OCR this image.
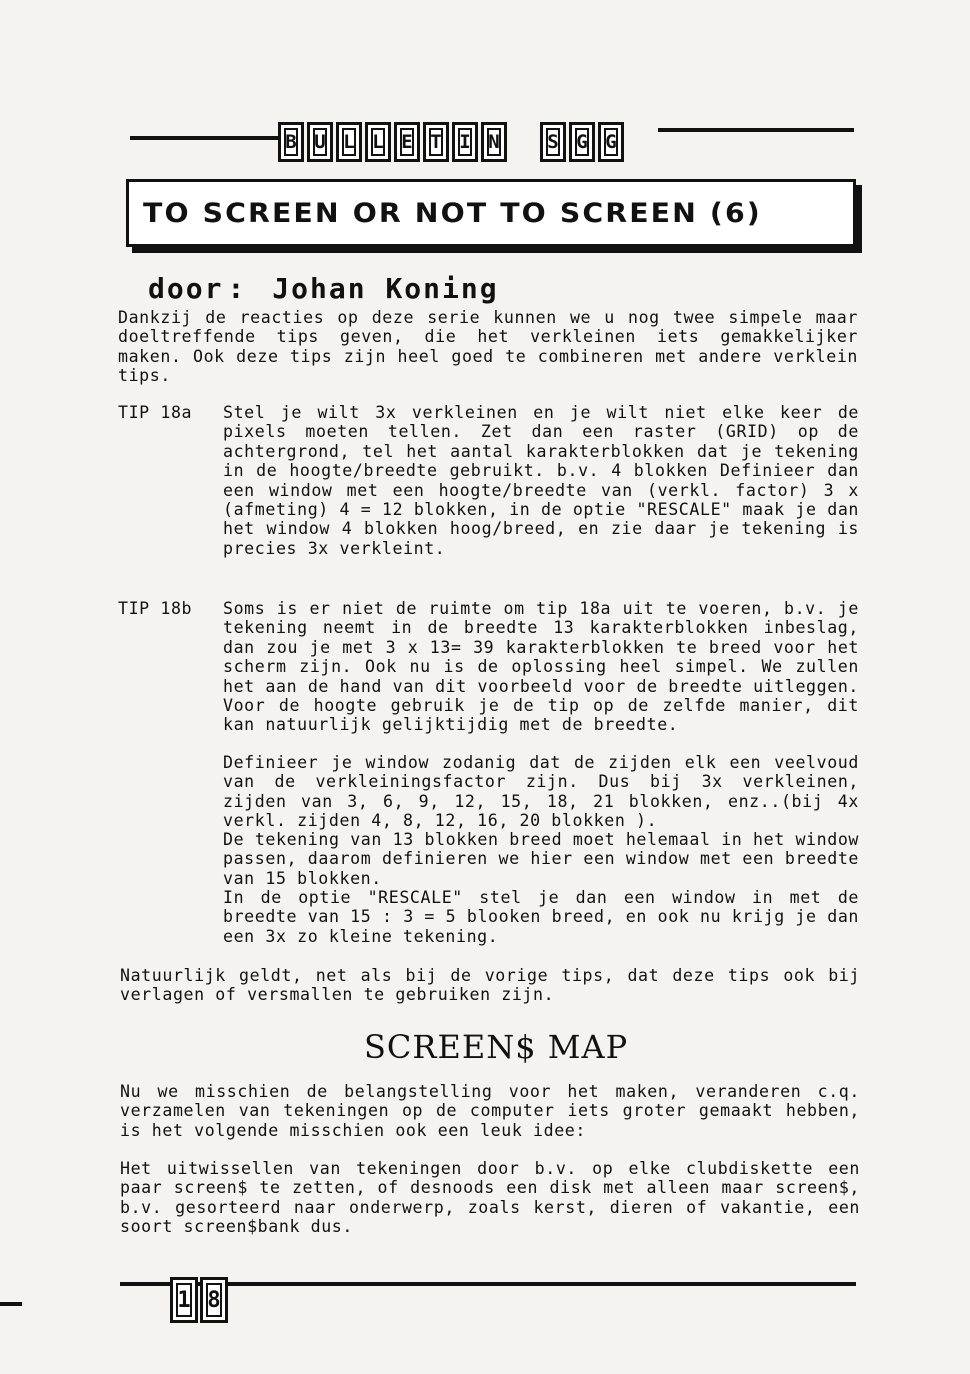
B U L L E T I N	S G G
TO SCREEN OR NOT TO SCREEN (6)
door : Johan Koning
Dankzij de reacties op deze serie kunnen we u nog twee simpele maar doeltreffende tips geven, die het verkleinen iets gemakkelijker maken. Ook deze tips zijn heel goed te combineren met andere verklein tips.
TIP 18a Stel je wilt 3x verkleinen en je wilt niet elke keer de pixels moeten tellen. Zet dan een raster (GRID) op de achtergrond, tel het aantal karakterblokken dat je tekening in de hoogte/breedte gebruikt. b.v. 4 blokken Definieer dan een window met een hoogte/breedte van (verkl. factor) 3 x (afmeting) 4 = 12 blokken, in de optie "RESCALE" maak je dan het window 4 blokken hoog/breed, en zie daar je tekening is precies 3x verkleint.
TIP 18b Soms is er niet de ruimte om tip 18a uit te voeren, b.v. je tekening neemt in de breedte 13 karakterblokken inbeslag, dan zou je met 3 x 13= 39 karakterblokken te breed voor het scherm zijn. Ook nu is de oplossing heel simpel. We zullen het aan de hand van dit voorbeeld voor de breedte uitleggen. Voor de hoogte gebruik je de tip op de zelfde manier, dit kan natuurlijk gelijktijdig met de breedte.
Definieer je window zodanig dat de zijden elk een veelvoud van de verkleiningsfactor zijn. Dus bij 3x verkleinen, zijden van 3, 6, 9, 12, 15, 18, 21 blokken, enz..(bij 4x verkl. zijden 4, 8, 12, 16, 20 blokken ).
De tekening van 13 blokken breed moet helemaal in het window passen, daarom definieren we hier een window met een breedte van 15 blokken.
In de optie "RESCALE" stel je dan een window in met de breedte van 15 : 3 = 5 blooken breed, en ook nu krijg je dan een 3x zo kleine tekening.
Natuurlijk geldt, net als bij de vorige tips, dat deze tips ook bij verlagen of versmallen te gebruiken zijn.
SCREEN$ MAP
Nu we misschien de belangstelling voor het maken, veranderen c.q. verzamelen van tekeningen op de computer iets groter gemaakt hebben, is het volgende misschien ook een leuk idee:
Het uitwissellen van tekeningen door b.v. op elke clubdiskette een paar screen$ te zetten, of desnoods een disk met alleen maar screen$, b.v. gesorteerd naar onderwerp, zoals kerst, dieren of vakantie, een soort screen$bank dus.
1 8
